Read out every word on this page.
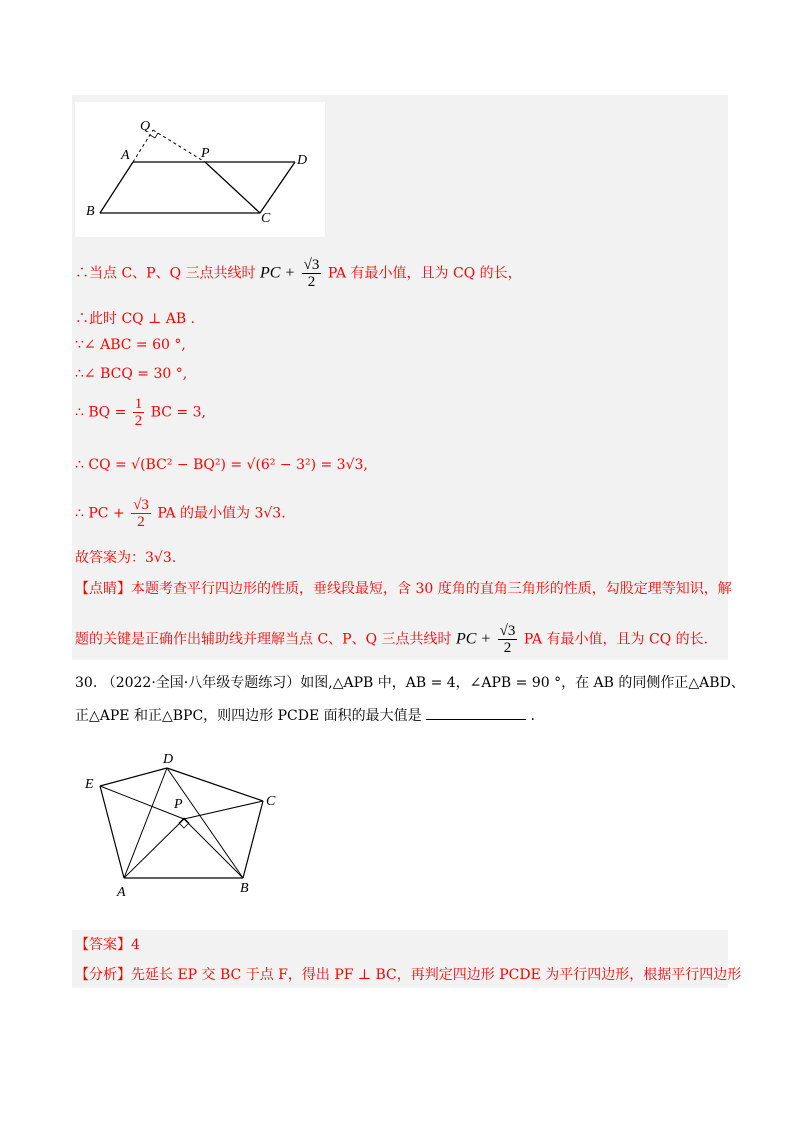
Q
A	P	D
B	C
∴当点 C、P、Q 三点共线时 PC + $\frac{√3}{2}$ PA 有最小值，且为 CQ 的长，
∴此时 CQ ⊥ AB .
∵∠ ABC = 60 °,
∴∠ BCQ = 30 °,
∴ BQ = $\frac{1}{2}$ BC = 3,
∴ CQ = √(BC² − BQ²) = √(6² − 3²) = 3√3,
∴ PC + $\frac{√3}{2}$ PA 的最小值为 3√3.
故答案为：3√3.
【点睛】本题考查平行四边形的性质，垂线段最短，含 30 度角的直角三角形的性质，勾股定理等知识，解
题的关键是正确作出辅助线并理解当点 C、P、Q 三点共线时 PC + $\frac{√3}{2}$ PA 有最小值，且为 CQ 的长.
30. （2022·全国·八年级专题练习）如图,△APB 中，AB = 4，∠APB = 90 °，在 AB 的同侧作正△ABD、
正△APE 和正△BPC，则四边形 PCDE 面积的最大值是	.
D
E
P	C
A	B
【答案】4
【分析】先延长 EP 交 BC 于点 F，得出 PF ⊥ BC，再判定四边形 PCDE 为平行四边形，根据平行四边形
